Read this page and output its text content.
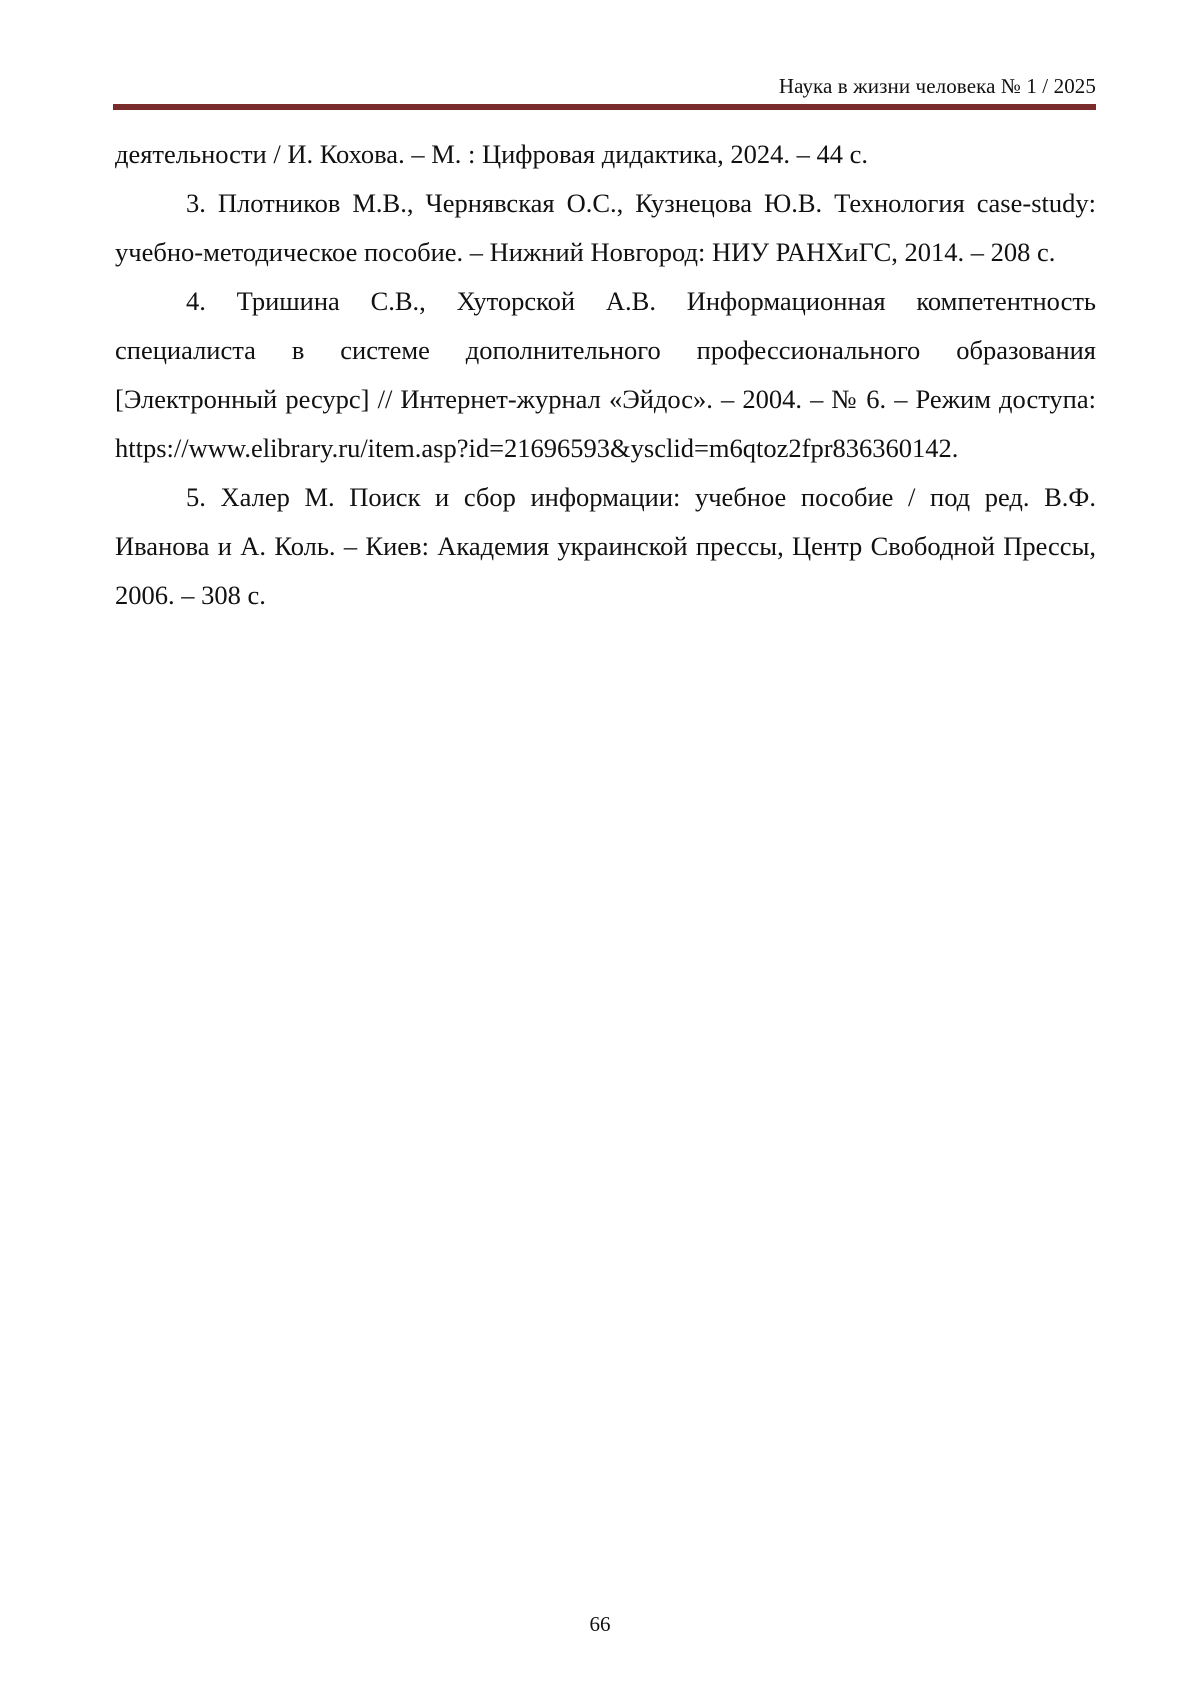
Наука в жизни человека № 1 / 2025

деятельности / И. Кохова. – М. : Цифровая дидактика, 2024. – 44 с.

3. Плотников М.В., Чернявская О.С., Кузнецова Ю.В. Технология case-study: учебно-методическое пособие. – Нижний Новгород: НИУ РАНХиГС, 2014. – 208 с.

4. Тришина С.В., Хуторской А.В. Информационная компетентность специалиста в системе дополнительного профессионального образования [Электронный ресурс] // Интернет-журнал «Эйдос». – 2004. – № 6. – Режим доступа: https://www.elibrary.ru/item.asp?id=21696593&ysclid=m6qtoz2fpr836360142.

5. Халер М. Поиск и сбор информации: учебное пособие / под ред. В.Ф. Иванова и А. Коль. – Киев: Академия украинской прессы, Центр Свободной Прессы, 2006. – 308 с.

66
